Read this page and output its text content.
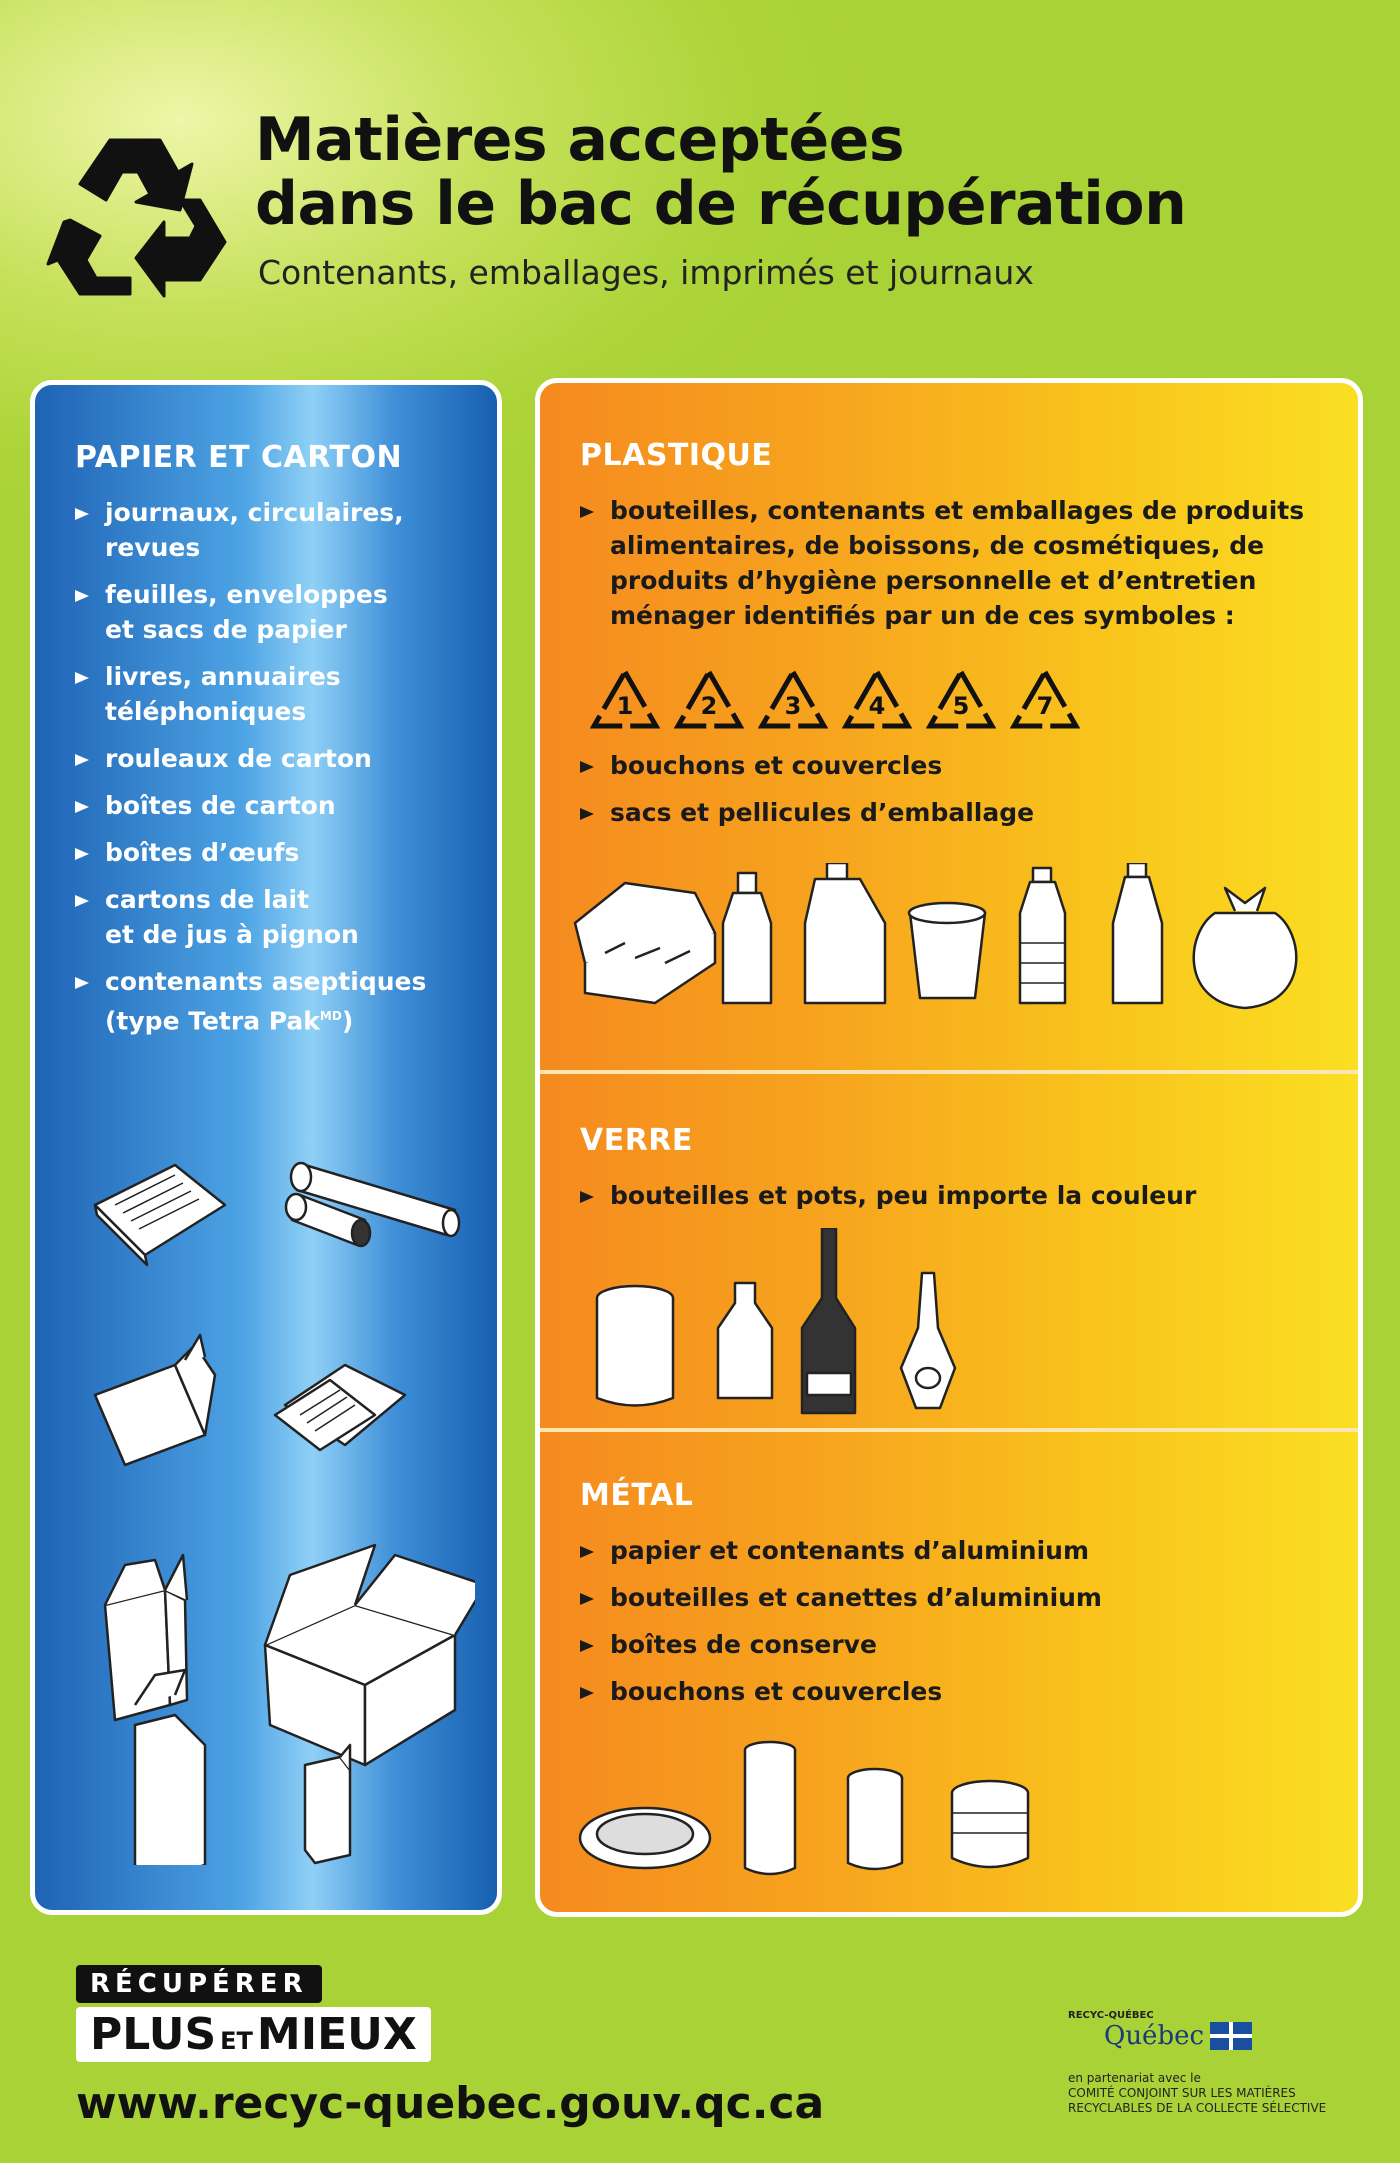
Matières acceptées
dans le bac de récupération
Contenants, emballages, imprimés et journaux
PAPIER ET CARTON
journaux, circulaires, revues
feuilles, enveloppes
et sacs de papier
livres, annuaires
téléphoniques
rouleaux de carton
boîtes de carton
boîtes d’œufs
cartons de lait
et de jus à pignon
contenants aseptiques
(type Tetra Pak$^{MD}$)
PLASTIQUE
bouteilles, contenants et emballages de produits alimentaires, de boissons, de cosmétiques, de produits d’hygiène personnelle et d’entretien ménager identifiés par un de ces symboles :
1	2	3	4	5	7
bouchons et couvercles
sacs et pellicules d’emballage
VERRE
bouteilles et pots, peu importe la couleur
MÉTAL
papier et contenants d’aluminium
bouteilles et canettes d’aluminium
boîtes de conserve
bouchons et couvercles
RÉCUPÉRER
PLUS ETMIEUX
www.recyc-quebec.gouv.qc.ca
RECYC-QUÉBEC
Québec
en partenariat avec le
COMITÉ CONJOINT SUR LES MATIÈRES
RECYCLABLES DE LA COLLECTE SÉLECTIVE
